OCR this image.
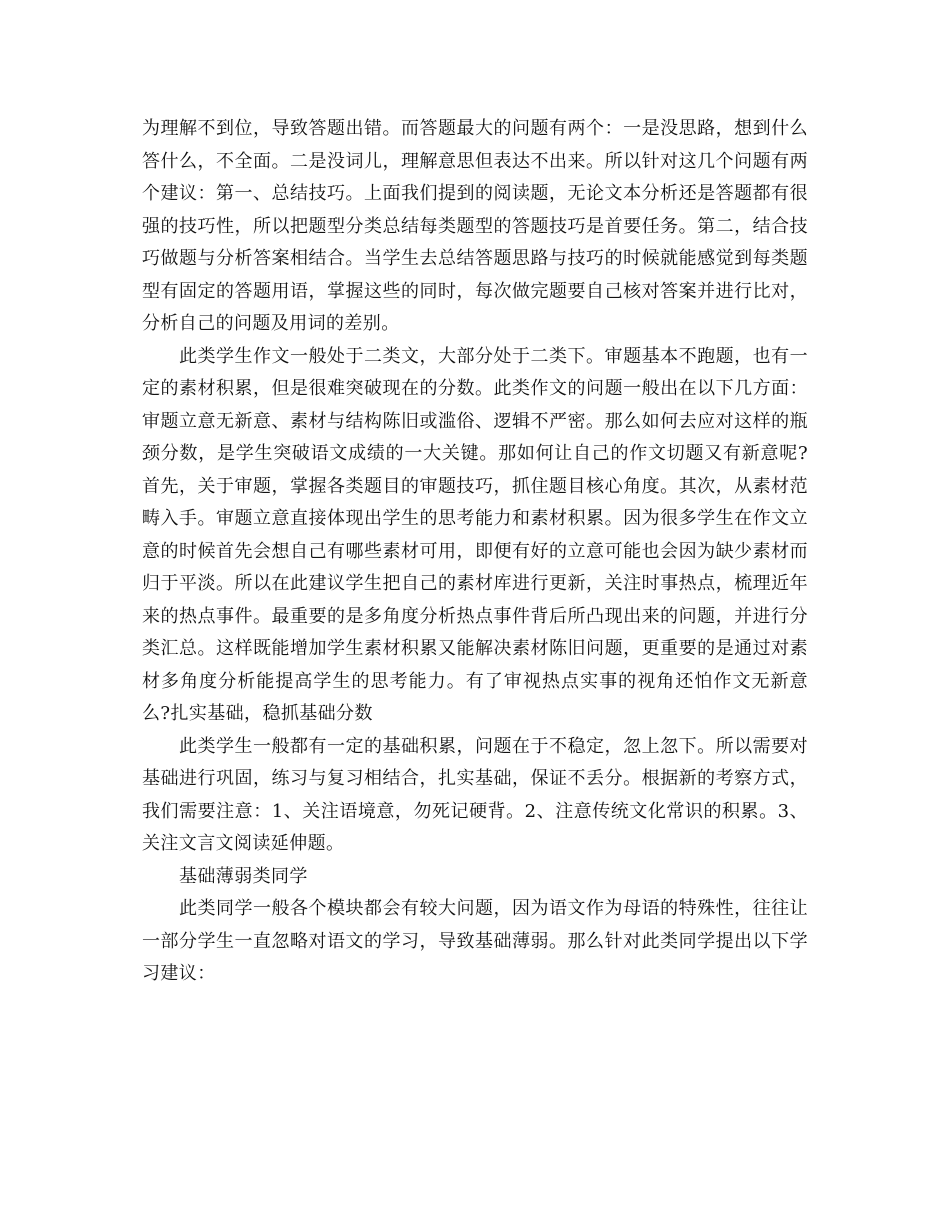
为理解不到位，导致答题出错。而答题最大的问题有两个：一是没思路，想到什么答什么，不全面。二是没词儿，理解意思但表达不出来。所以针对这几个问题有两个建议：第一、总结技巧。上面我们提到的阅读题，无论文本分析还是答题都有很强的技巧性，所以把题型分类总结每类题型的答题技巧是首要任务。第二，结合技巧做题与分析答案相结合。当学生去总结答题思路与技巧的时候就能感觉到每类题型有固定的答题用语，掌握这些的同时，每次做完题要自己核对答案并进行比对，分析自己的问题及用词的差别。

此类学生作文一般处于二类文，大部分处于二类下。审题基本不跑题，也有一定的素材积累，但是很难突破现在的分数。此类作文的问题一般出在以下几方面：审题立意无新意、素材与结构陈旧或滥俗、逻辑不严密。那么如何去应对这样的瓶颈分数，是学生突破语文成绩的一大关键。那如何让自己的作文切题又有新意呢?首先，关于审题，掌握各类题目的审题技巧，抓住题目核心角度。其次，从素材范畴入手。审题立意直接体现出学生的思考能力和素材积累。因为很多学生在作文立意的时候首先会想自己有哪些素材可用，即便有好的立意可能也会因为缺少素材而归于平淡。所以在此建议学生把自己的素材库进行更新，关注时事热点，梳理近年来的热点事件。最重要的是多角度分析热点事件背后所凸现出来的问题，并进行分类汇总。这样既能增加学生素材积累又能解决素材陈旧问题，更重要的是通过对素材多角度分析能提高学生的思考能力。有了审视热点实事的视角还怕作文无新意么?扎实基础，稳抓基础分数

此类学生一般都有一定的基础积累，问题在于不稳定，忽上忽下。所以需要对基础进行巩固，练习与复习相结合，扎实基础，保证不丢分。根据新的考察方式，我们需要注意：1、关注语境意，勿死记硬背。2、注意传统文化常识的积累。3、关注文言文阅读延伸题。

基础薄弱类同学

此类同学一般各个模块都会有较大问题，因为语文作为母语的特殊性，往往让一部分学生一直忽略对语文的学习，导致基础薄弱。那么针对此类同学提出以下学习建议：
